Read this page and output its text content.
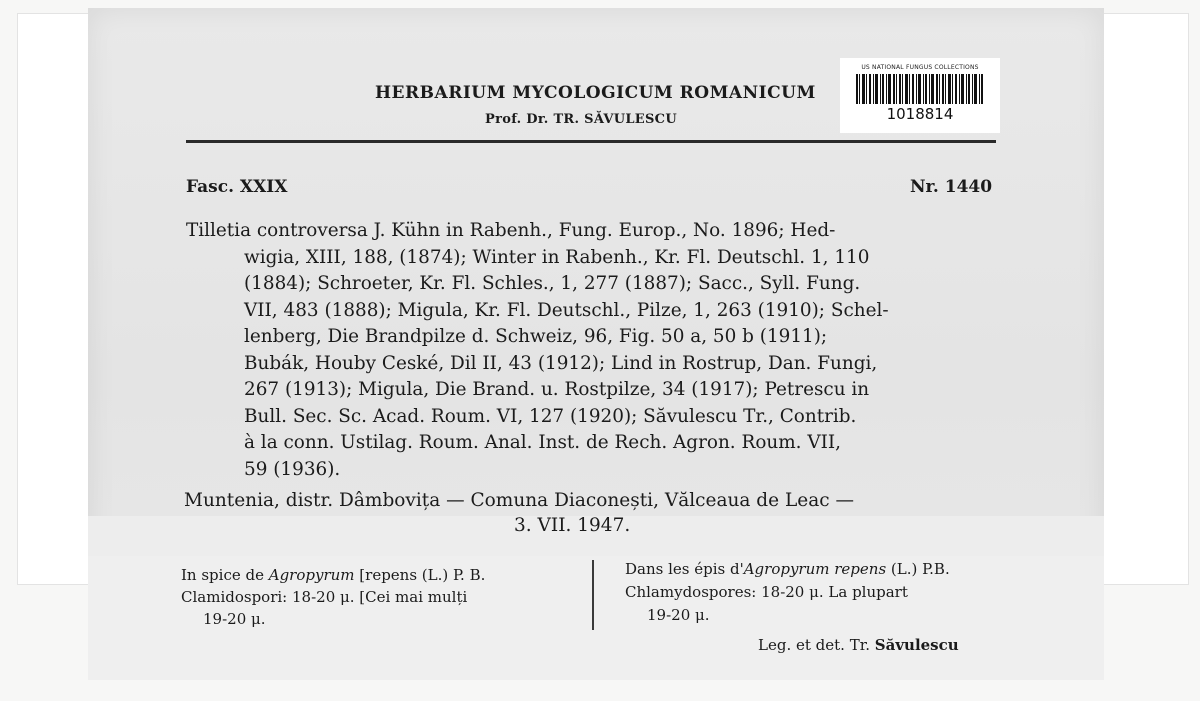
HERBARIUM MYCOLOGICUM ROMANICUM
Prof. Dr. TR. SĂVULESCU
US NATIONAL FUNGUS COLLECTIONS
1018814
Fasc. XXIX	Nr. 1440
Tilletia controversa J. Kühn in Rabenh., Fung. Europ., No. 1896; Hed-
wigia, XIII, 188, (1874); Winter in Rabenh., Kr. Fl. Deutschl. 1, 110
(1884); Schroeter, Kr. Fl. Schles., 1, 277 (1887); Sacc., Syll. Fung.
VII, 483 (1888); Migula, Kr. Fl. Deutschl., Pilze, 1, 263 (1910); Schel-
lenberg, Die Brandpilze d. Schweiz, 96, Fig. 50 a, 50 b (1911);
Bubák, Houby Ceské, Dil II, 43 (1912); Lind in Rostrup, Dan. Fungi,
267 (1913); Migula, Die Brand. u. Rostpilze, 34 (1917); Petrescu in
Bull. Sec. Sc. Acad. Roum. VI, 127 (1920); Săvulescu Tr., Contrib.
à la conn. Ustilag. Roum. Anal. Inst. de Rech. Agron. Roum. VII,
59 (1936).
Muntenia, distr. Dâmbovița — Comuna Diaconești, Vălceaua de Leac —
3. VII. 1947.
In spice de Agropyrum [repens (L.) P. B.
Clamidospori: 18-20 μ. [Cei mai mulți
19-20 μ.
Dans les épis d'Agropyrum repens (L.) P.B.
Chlamydospores: 18-20 μ. La plupart
19-20 μ.
Leg. et det. Tr. Săvulescu
